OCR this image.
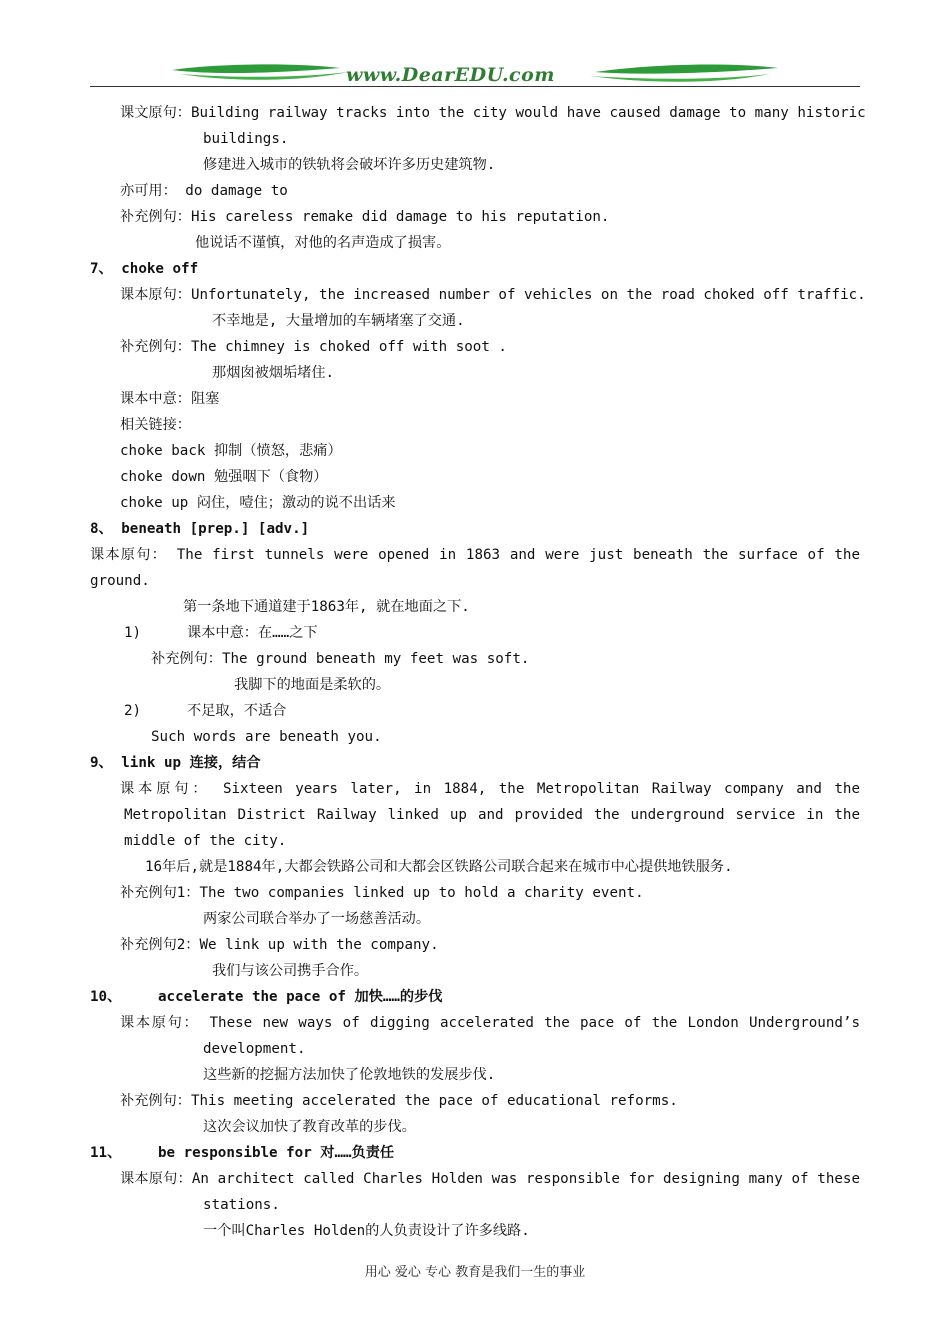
www.DearEDU.com
课文原句：Building railway tracks into the city would have caused damage to many historic
buildings.
修建进入城市的铁轨将会破坏许多历史建筑物.
亦可用： do damage to
补充例句：His careless remake did damage to his reputation.
他说话不谨慎，对他的名声造成了损害。
7、 choke off
课本原句：Unfortunately, the increased number of vehicles on the road choked off traffic.
不幸地是, 大量增加的车辆堵塞了交通.
补充例句：The chimney is choked off with soot .
那烟囱被烟垢堵住.
课本中意：阻塞
相关链接：
choke back 抑制（愤怒，悲痛）
choke down 勉强咽下（食物）
choke up 闷住，噎住；激动的说不出话来
8、 beneath [prep.] [adv.]
课本原句： The first tunnels were opened in 1863 and were just beneath the surface of the
ground.
第一条地下通道建于1863年, 就在地面之下.
1)	课本中意：在……之下
补充例句：The ground beneath my feet was soft.
我脚下的地面是柔软的。
2)	不足取，不适合
Such words are beneath you.
9、 link up 连接，结合
课本原句： Sixteen years later, in 1884, the Metropolitan Railway company and the
Metropolitan District Railway linked up and provided the underground service in the
middle of the city.
16年后,就是1884年,大都会铁路公司和大都会区铁路公司联合起来在城市中心提供地铁服务.
补充例句1：The two companies linked up to hold a charity event.
两家公司联合举办了一场慈善活动。
补充例句2：We link up with the company.
我们与该公司携手合作。
10、	accelerate the pace of 加快……的步伐
课本原句： These new ways of digging accelerated the pace of the London Underground’s
development.
这些新的挖掘方法加快了伦敦地铁的发展步伐.
补充例句：This meeting accelerated the pace of educational reforms.
这次会议加快了教育改革的步伐。
11、	be responsible for 对……负责任
课本原句：An architect called Charles Holden was responsible for designing many of these
stations.
一个叫Charles Holden的人负责设计了许多线路.
用心 爱心 专心 教育是我们一生的事业
